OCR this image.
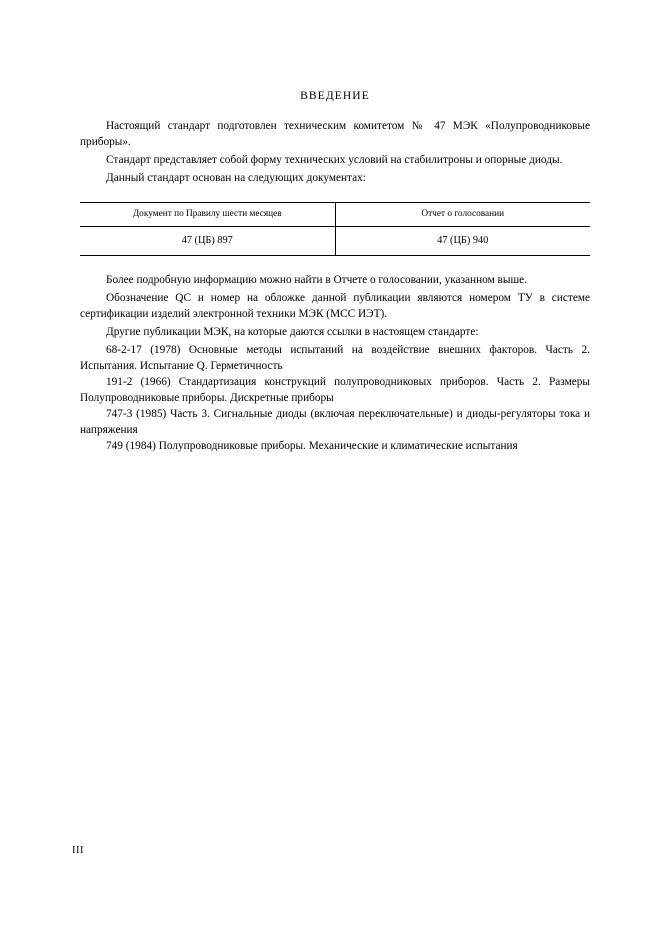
ВВЕДЕНИЕ

Настоящий стандарт подготовлен техническим комитетом № 47 МЭК «Полупроводниковые приборы».

Стандарт представляет собой форму технических условий на стабилитроны и опорные диоды.

Данный стандарт основан на следующих документах:

Документ по Правилу шести месяцев	Отчет о голосовании
47 (ЦБ) 897	47 (ЦБ) 940

Более подробную информацию можно найти в Отчете о голосовании, указанном выше.

Обозначение QC и номер на обложке данной публикации являются номером ТУ в системе сертификации изделий электронной техники МЭК (МСС ИЭТ).

Другие публикации МЭК, на которые даются ссылки в настоящем стандарте:

68-2-17 (1978) Основные методы испытаний на воздействие внешних факторов. Часть 2. Испытания. Испытание Q. Герметичность

191-2 (1966) Стандартизация конструкций полупроводниковых приборов. Часть 2. Размеры Полупроводниковые приборы. Дискретные приборы

747-3 (1985) Часть 3. Сигнальные диоды (включая переключательные) и диоды-регуляторы тока и напряжения

749 (1984) Полупроводниковые приборы. Механические и климатические испытания

III
